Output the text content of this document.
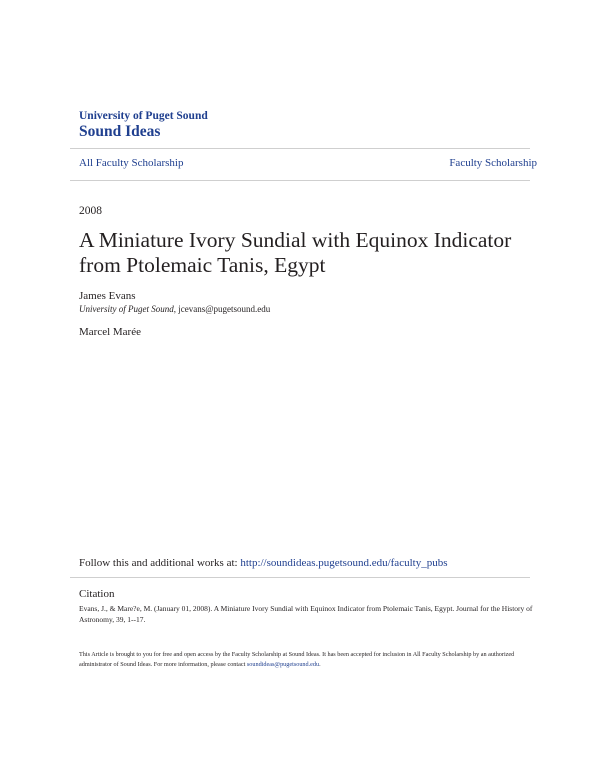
University of Puget Sound
Sound Ideas
All Faculty Scholarship	Faculty Scholarship
2008
A Miniature Ivory Sundial with Equinox Indicator from Ptolemaic Tanis, Egypt
James Evans
University of Puget Sound, jcevans@pugetsound.edu
Marcel Marée
Follow this and additional works at: http://soundideas.pugetsound.edu/faculty_pubs
Citation
Evans, J., & Mare?e, M. (January 01, 2008). A Miniature Ivory Sundial with Equinox Indicator from Ptolemaic Tanis, Egypt. Journal for the History of Astronomy, 39, 1--17.
This Article is brought to you for free and open access by the Faculty Scholarship at Sound Ideas. It has been accepted for inclusion in All Faculty Scholarship by an authorized administrator of Sound Ideas. For more information, please contact soundideas@pugetsound.edu.
